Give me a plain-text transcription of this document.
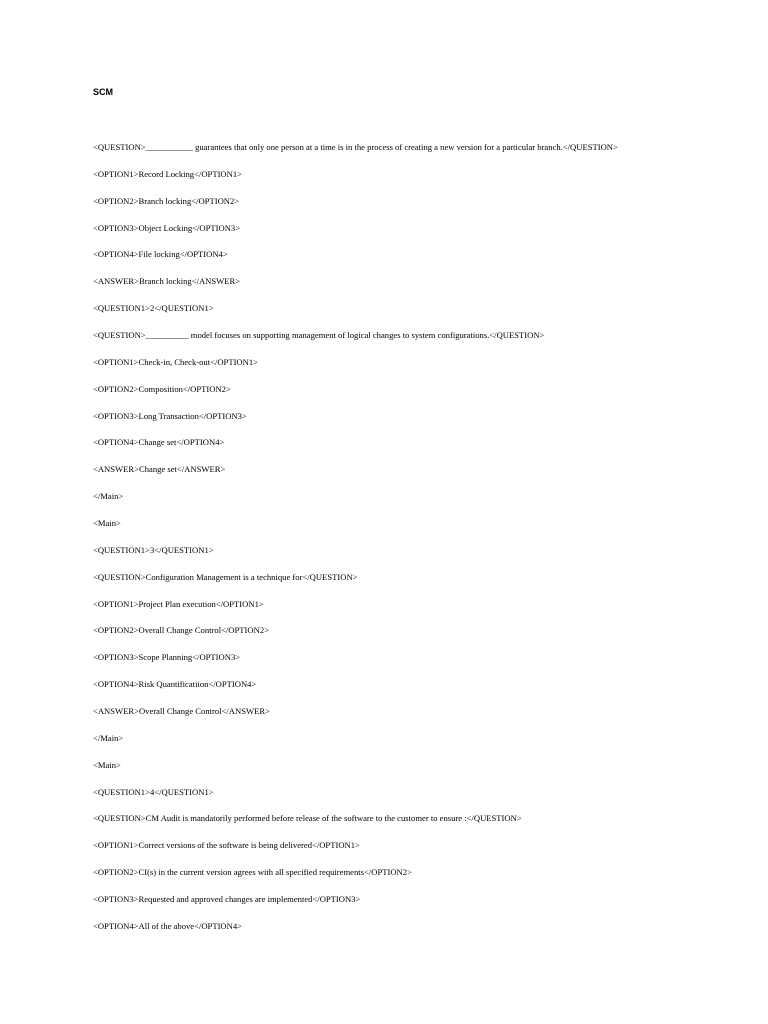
SCM
<QUESTION>___________ guarantees that only one person at a time is in the process of creating a new version for a particular branch.</QUESTION>
<OPTION1>Record Locking</OPTION1>
<OPTION2>Branch locking</OPTION2>
<OPTION3>Object Locking</OPTION3>
<OPTION4>File locking</OPTION4>
<ANSWER>Branch locking</ANSWER>
<QUESTION1>2</QUESTION1>
<QUESTION>__________ model focuses on supporting management of logical changes to system configurations.</QUESTION>
<OPTION1>Check-in, Check-out</OPTION1>
<OPTION2>Composition</OPTION2>
<OPTION3>Long Transaction</OPTION3>
<OPTION4>Change set</OPTION4>
<ANSWER>Change set</ANSWER>
</Main>
<Main>
<QUESTION1>3</QUESTION1>
<QUESTION>Configuration Management is a technique for</QUESTION>
<OPTION1>Project Plan execution</OPTION1>
<OPTION2>Overall Change Control</OPTION2>
<OPTION3>Scope Planning</OPTION3>
<OPTION4>Risk Quantificatiion</OPTION4>
<ANSWER>Overall Change Control</ANSWER>
</Main>
<Main>
<QUESTION1>4</QUESTION1>
<QUESTION>CM Audit is mandatorily performed before release of the software to the customer to ensure :</QUESTION>
<OPTION1>Correct versions of the software is being delivered</OPTION1>
<OPTION2>CI(s) in the current version agrees with all specified requirements</OPTION2>
<OPTION3>Requested and approved changes are implemented</OPTION3>
<OPTION4>All of the above</OPTION4>
